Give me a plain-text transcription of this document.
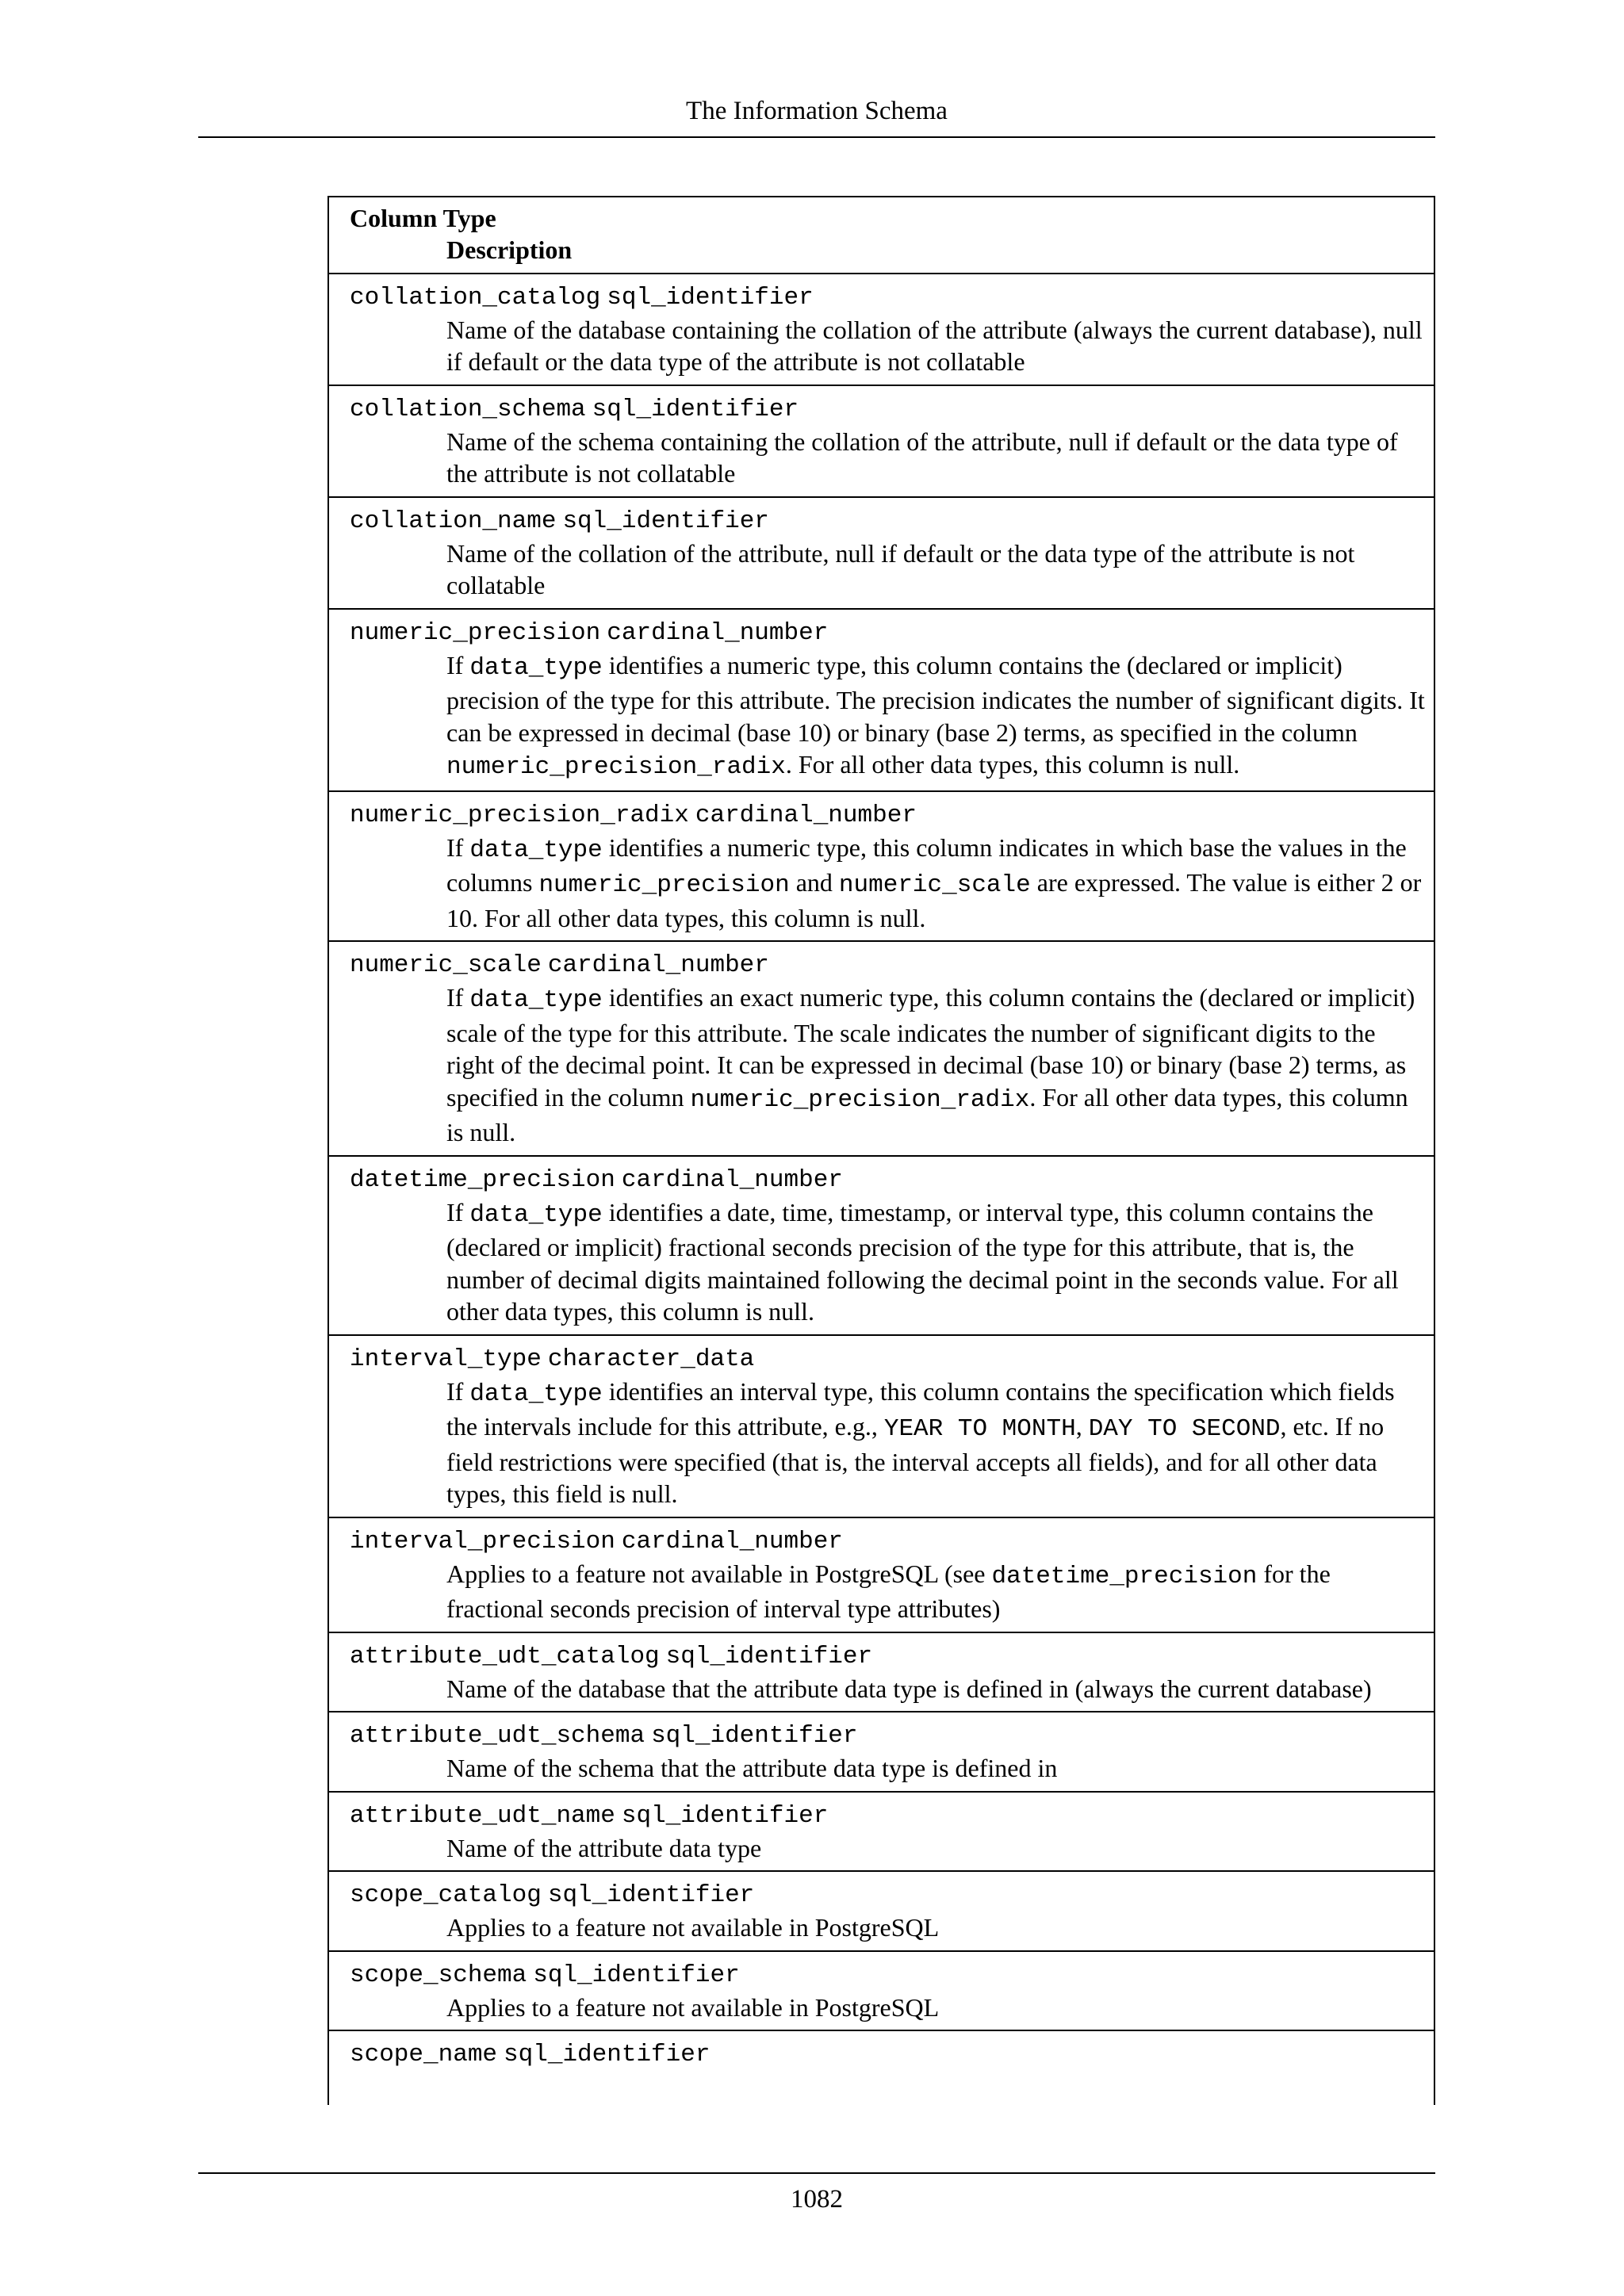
The Information Schema
Column Type
Description
collation_catalog sql_identifier
Name of the database containing the collation of the attribute (always the current database), null if default or the data type of the attribute is not collatable
collation_schema sql_identifier
Name of the schema containing the collation of the attribute, null if default or the data type of the attribute is not collatable
collation_name sql_identifier
Name of the collation of the attribute, null if default or the data type of the attribute is not collatable
numeric_precision cardinal_number
If data_type identifies a numeric type, this column contains the (declared or implicit) precision of the type for this attribute. The precision indicates the number of significant digits. It can be expressed in decimal (base 10) or binary (base 2) terms, as specified in the column numeric_precision_radix. For all other data types, this column is null.
numeric_precision_radix cardinal_number
If data_type identifies a numeric type, this column indicates in which base the values in the columns numeric_precision and numeric_scale are expressed. The value is either 2 or 10. For all other data types, this column is null.
numeric_scale cardinal_number
If data_type identifies an exact numeric type, this column contains the (declared or implicit) scale of the type for this attribute. The scale indicates the number of significant digits to the right of the decimal point. It can be expressed in decimal (base 10) or binary (base 2) terms, as specified in the column numeric_precision_radix. For all other data types, this column is null.
datetime_precision cardinal_number
If data_type identifies a date, time, timestamp, or interval type, this column contains the (declared or implicit) fractional seconds precision of the type for this attribute, that is, the number of decimal digits maintained following the decimal point in the seconds value. For all other data types, this column is null.
interval_type character_data
If data_type identifies an interval type, this column contains the specification which fields the intervals include for this attribute, e.g., YEAR TO MONTH, DAY TO SECOND, etc. If no field restrictions were specified (that is, the interval accepts all fields), and for all other data types, this field is null.
interval_precision cardinal_number
Applies to a feature not available in PostgreSQL (see datetime_precision for the fractional seconds precision of interval type attributes)
attribute_udt_catalog sql_identifier
Name of the database that the attribute data type is defined in (always the current database)
attribute_udt_schema sql_identifier
Name of the schema that the attribute data type is defined in
attribute_udt_name sql_identifier
Name of the attribute data type
scope_catalog sql_identifier
Applies to a feature not available in PostgreSQL
scope_schema sql_identifier
Applies to a feature not available in PostgreSQL
scope_name sql_identifier
1082
